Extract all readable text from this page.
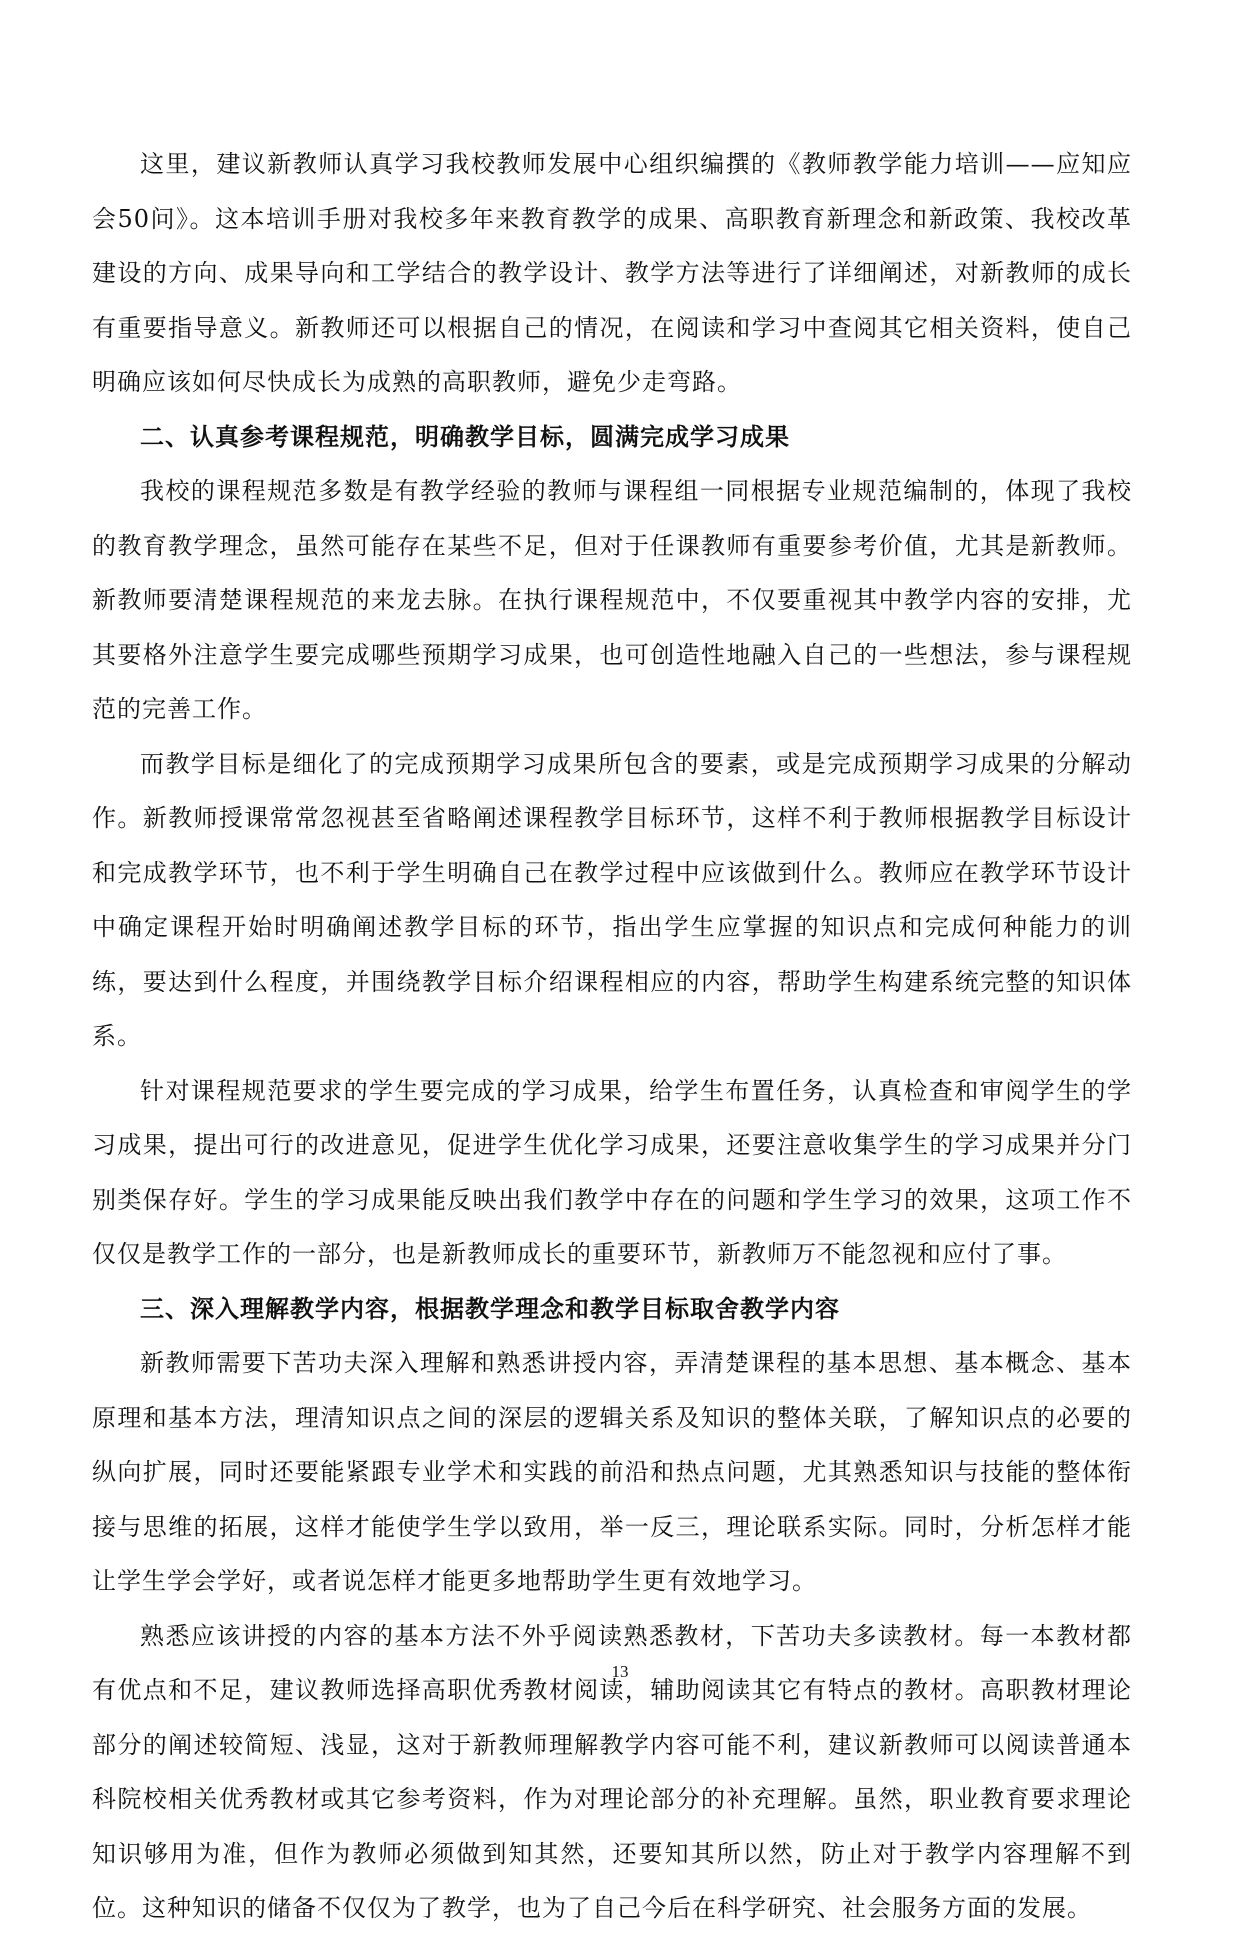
这里，建议新教师认真学习我校教师发展中心组织编撰的《教师教学能力培训——应知应会50问》。这本培训手册对我校多年来教育教学的成果、高职教育新理念和新政策、我校改革建设的方向、成果导向和工学结合的教学设计、教学方法等进行了详细阐述，对新教师的成长有重要指导意义。新教师还可以根据自己的情况，在阅读和学习中查阅其它相关资料，使自己明确应该如何尽快成长为成熟的高职教师，避免少走弯路。

二、认真参考课程规范，明确教学目标，圆满完成学习成果

我校的课程规范多数是有教学经验的教师与课程组一同根据专业规范编制的，体现了我校的教育教学理念，虽然可能存在某些不足，但对于任课教师有重要参考价值，尤其是新教师。新教师要清楚课程规范的来龙去脉。在执行课程规范中，不仅要重视其中教学内容的安排，尤其要格外注意学生要完成哪些预期学习成果，也可创造性地融入自己的一些想法，参与课程规范的完善工作。

而教学目标是细化了的完成预期学习成果所包含的要素，或是完成预期学习成果的分解动作。新教师授课常常忽视甚至省略阐述课程教学目标环节，这样不利于教师根据教学目标设计和完成教学环节，也不利于学生明确自己在教学过程中应该做到什么。教师应在教学环节设计中确定课程开始时明确阐述教学目标的环节，指出学生应掌握的知识点和完成何种能力的训练，要达到什么程度，并围绕教学目标介绍课程相应的内容，帮助学生构建系统完整的知识体系。

针对课程规范要求的学生要完成的学习成果，给学生布置任务，认真检查和审阅学生的学习成果，提出可行的改进意见，促进学生优化学习成果，还要注意收集学生的学习成果并分门别类保存好。学生的学习成果能反映出我们教学中存在的问题和学生学习的效果，这项工作不仅仅是教学工作的一部分，也是新教师成长的重要环节，新教师万不能忽视和应付了事。

三、深入理解教学内容，根据教学理念和教学目标取舍教学内容

新教师需要下苦功夫深入理解和熟悉讲授内容，弄清楚课程的基本思想、基本概念、基本原理和基本方法，理清知识点之间的深层的逻辑关系及知识的整体关联，了解知识点的必要的纵向扩展，同时还要能紧跟专业学术和实践的前沿和热点问题，尤其熟悉知识与技能的整体衔接与思维的拓展，这样才能使学生学以致用，举一反三，理论联系实际。同时，分析怎样才能让学生学会学好，或者说怎样才能更多地帮助学生更有效地学习。

熟悉应该讲授的内容的基本方法不外乎阅读熟悉教材，下苦功夫多读教材。每一本教材都有优点和不足，建议教师选择高职优秀教材阅读，辅助阅读其它有特点的教材。高职教材理论部分的阐述较简短、浅显，这对于新教师理解教学内容可能不利，建议新教师可以阅读普通本科院校相关优秀教材或其它参考资料，作为对理论部分的补充理解。虽然，职业教育要求理论知识够用为准，但作为教师必须做到知其然，还要知其所以然，防止对于教学内容理解不到位。这种知识的储备不仅仅为了教学，也为了自己今后在科学研究、社会服务方面的发展。

13
